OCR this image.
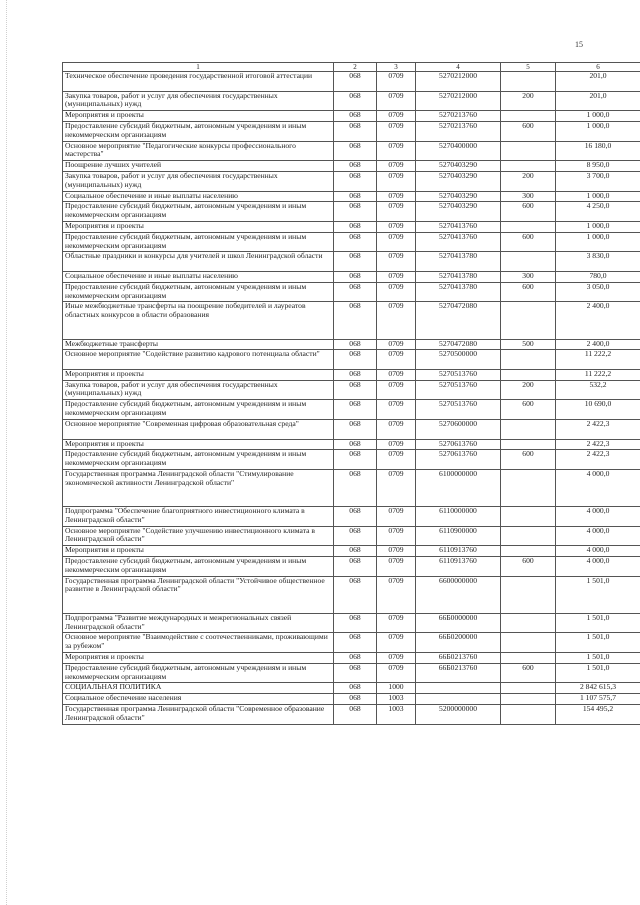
15
1	2	3	4	5	6
Техническое обеспечение проведения государственной итоговой аттестации	068	0709	5270212000		201,0
Закупка товаров, работ и услуг для обеспечения государственных (муниципальных) нужд	068	0709	5270212000	200	201,0
Мероприятия и проекты	068	0709	5270213760		1 000,0
Предоставление субсидий бюджетным, автономным учреждениям и иным некоммерческим организациям	068	0709	5270213760	600	1 000,0
Основное мероприятие "Педагогические конкурсы профессионального мастерства"	068	0709	5270400000		16 180,0
Поощрение лучших учителей	068	0709	5270403290		8 950,0
Закупка товаров, работ и услуг для обеспечения государственных (муниципальных) нужд	068	0709	5270403290	200	3 700,0
Социальное обеспечение и иные выплаты населению	068	0709	5270403290	300	1 000,0
Предоставление субсидий бюджетным, автономным учреждениям и иным некоммерческим организациям	068	0709	5270403290	600	4 250,0
Мероприятия и проекты	068	0709	5270413760		1 000,0
Предоставление субсидий бюджетным, автономным учреждениям и иным некоммерческим организациям	068	0709	5270413760	600	1 000,0
Областные праздники и конкурсы для учителей и школ Ленинградской области	068	0709	5270413780		3 830,0
Социальное обеспечение и иные выплаты населению	068	0709	5270413780	300	780,0
Предоставление субсидий бюджетным, автономным учреждениям и иным некоммерческим организациям	068	0709	5270413780	600	3 050,0
Иные межбюджетные трансферты на поощрение победителей и лауреатов областных конкурсов в области образования	068	0709	5270472080		2 400,0
Межбюджетные трансферты	068	0709	5270472080	500	2 400,0
Основное мероприятие "Содействие развитию кадрового потенциала области"	068	0709	5270500000		11 222,2
Мероприятия и проекты	068	0709	5270513760		11 222,2
Закупка товаров, работ и услуг для обеспечения государственных (муниципальных) нужд	068	0709	5270513760	200	532,2
Предоставление субсидий бюджетным, автономным учреждениям и иным некоммерческим организациям	068	0709	5270513760	600	10 690,0
Основное мероприятие "Современная цифровая образовательная среда"	068	0709	5270600000		2 422,3
Мероприятия и проекты	068	0709	5270613760		2 422,3
Предоставление субсидий бюджетным, автономным учреждениям и иным некоммерческим организациям	068	0709	5270613760	600	2 422,3
Государственная программа Ленинградской области "Стимулирование экономической активности Ленинградской области"	068	0709	6100000000		4 000,0
Подпрограмма "Обеспечение благоприятного инвестиционного климата в Ленинградской области"	068	0709	6110000000		4 000,0
Основное мероприятие "Содействие улучшению инвестиционного климата в Ленинградской области"	068	0709	6110900000		4 000,0
Мероприятия и проекты	068	0709	6110913760		4 000,0
Предоставление субсидий бюджетным, автономным учреждениям и иным некоммерческим организациям	068	0709	6110913760	600	4 000,0
Государственная программа Ленинградской области "Устойчивое общественное развитие в Ленинградской области"	068	0709	6600000000		1 501,0
Подпрограмма "Развитие международных и межрегиональных связей Ленинградской области"	068	0709	66Б0000000		1 501,0
Основное мероприятие "Взаимодействие с соотечественниками, проживающими за рубежом"	068	0709	66Б0200000		1 501,0
Мероприятия и проекты	068	0709	66Б0213760		1 501,0
Предоставление субсидий бюджетным, автономным учреждениям и иным некоммерческим организациям	068	0709	66Б0213760	600	1 501,0
СОЦИАЛЬНАЯ ПОЛИТИКА	068	1000			2 842 615,3
Социальное обеспечение населения	068	1003			1 107 575,7
Государственная программа Ленинградской области "Современное образование Ленинградской области"	068	1003	5200000000		154 495,2
